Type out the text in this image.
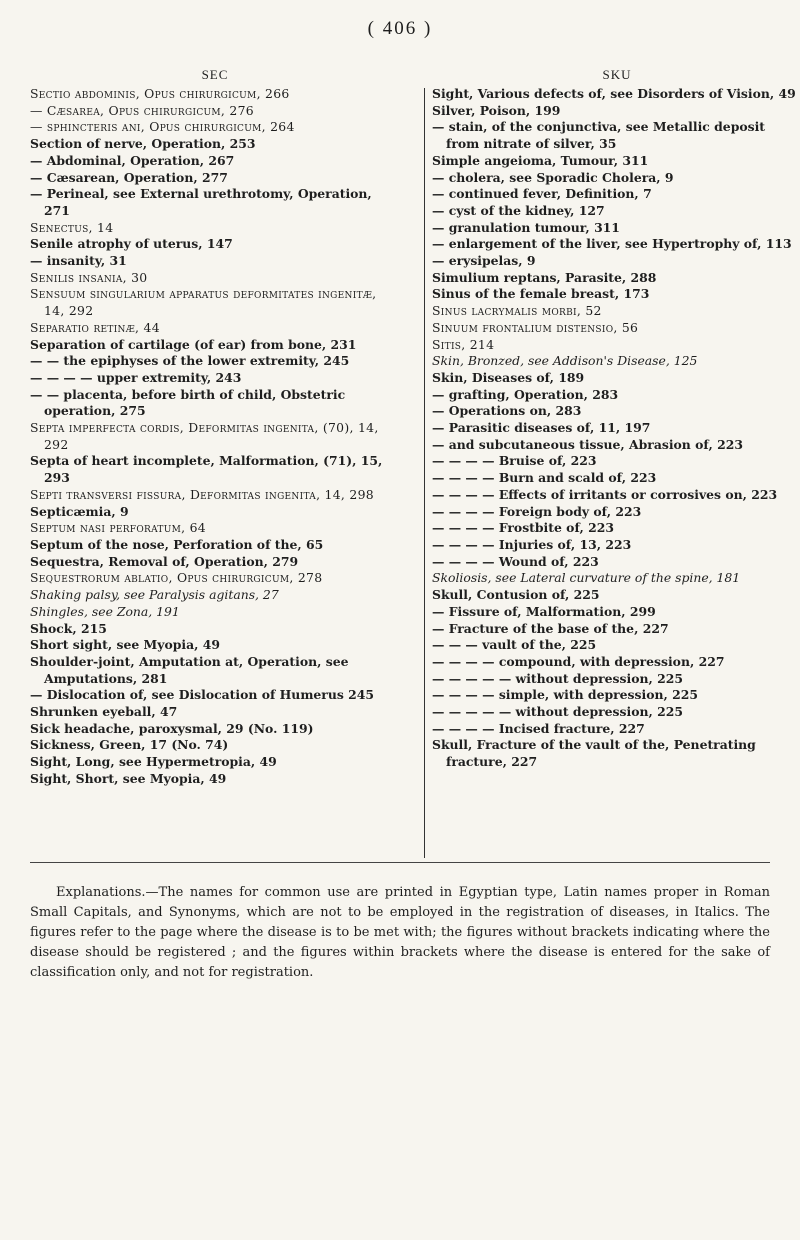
( 406 )
SEC	SKU

Sectio abdominis, Opus chirurgicum, 266

— Cæsarea, Opus chirurgicum, 276

— sphincteris ani, Opus chirurgicum, 264

Section of nerve, Operation, 253

— Abdominal, Operation, 267

— Cæsarean, Operation, 277

— Perineal, see External urethrotomy, Operation, 271

Senectus, 14

Senile atrophy of uterus, 147

— insanity, 31

Senilis insania, 30

Sensuum singularium apparatus deformitates ingenitæ, 14, 292

Separatio retinæ, 44

Separation of cartilage (of ear) from bone, 231

— — the epiphyses of the lower extremity, 245

— — — — upper extremity, 243

— — placenta, before birth of child, Obstetric operation, 275

Septa imperfecta cordis, Deformitas ingenita, (70), 14, 292

Septa of heart incomplete, Malformation, (71), 15, 293

Septi transversi fissura, Deformitas ingenita, 14, 298

Septicæmia, 9

Septum nasi perforatum, 64

Septum of the nose, Perforation of the, 65

Sequestra, Removal of, Operation, 279

Sequestrorum ablatio, Opus chirurgicum, 278

Shaking palsy, see Paralysis agitans, 27

Shingles, see Zona, 191

Shock, 215

Short sight, see Myopia, 49

Shoulder-joint, Amputation at, Operation, see Amputations, 281

— Dislocation of, see Dislocation of Humerus 245

Shrunken eyeball, 47

Sick headache, paroxysmal, 29 (No. 119)

Sickness, Green, 17 (No. 74)

Sight, Long, see Hypermetropia, 49

Sight, Short, see Myopia, 49

Sight, Various defects of, see Disorders of Vision, 49

Silver, Poison, 199

— stain, of the conjunctiva, see Metallic deposit from nitrate of silver, 35

Simple angeioma, Tumour, 311

— cholera, see Sporadic Cholera, 9

— continued fever, Definition, 7

— cyst of the kidney, 127

— granulation tumour, 311

— enlargement of the liver, see Hypertrophy of, 113

— erysipelas, 9

Simulium reptans, Parasite, 288

Sinus of the female breast, 173

Sinus lacrymalis morbi, 52

Sinuum frontalium distensio, 56

Sitis, 214

Skin, Bronzed, see Addison's Disease, 125

Skin, Diseases of, 189

— grafting, Operation, 283

— Operations on, 283

— Parasitic diseases of, 11, 197

— and subcutaneous tissue, Abrasion of, 223

— — — — Bruise of, 223

— — — — Burn and scald of, 223

— — — — Effects of irritants or corrosives on, 223

— — — — Foreign body of, 223

— — — — Frostbite of, 223

— — — — Injuries of, 13, 223

— — — — Wound of, 223

Skoliosis, see Lateral curvature of the spine, 181

Skull, Contusion of, 225

— Fissure of, Malformation, 299

— Fracture of the base of the, 227

— — — vault of the, 225

— — — — compound, with depression, 227

— — — — — without depression, 225

— — — — simple, with depression, 225

— — — — — without depression, 225

— — — — Incised fracture, 227

Skull, Fracture of the vault of the, Penetrating fracture, 227

Explanations.—The names for common use are printed in Egyptian type, Latin names proper in Roman Small Capitals, and Synonyms, which are not to be employed in the registration of diseases, in Italics. The figures refer to the page where the disease is to be met with; the figures without brackets indicating where the disease should be registered ; and the figures within brackets where the disease is entered for the sake of classification only, and not for registration.
